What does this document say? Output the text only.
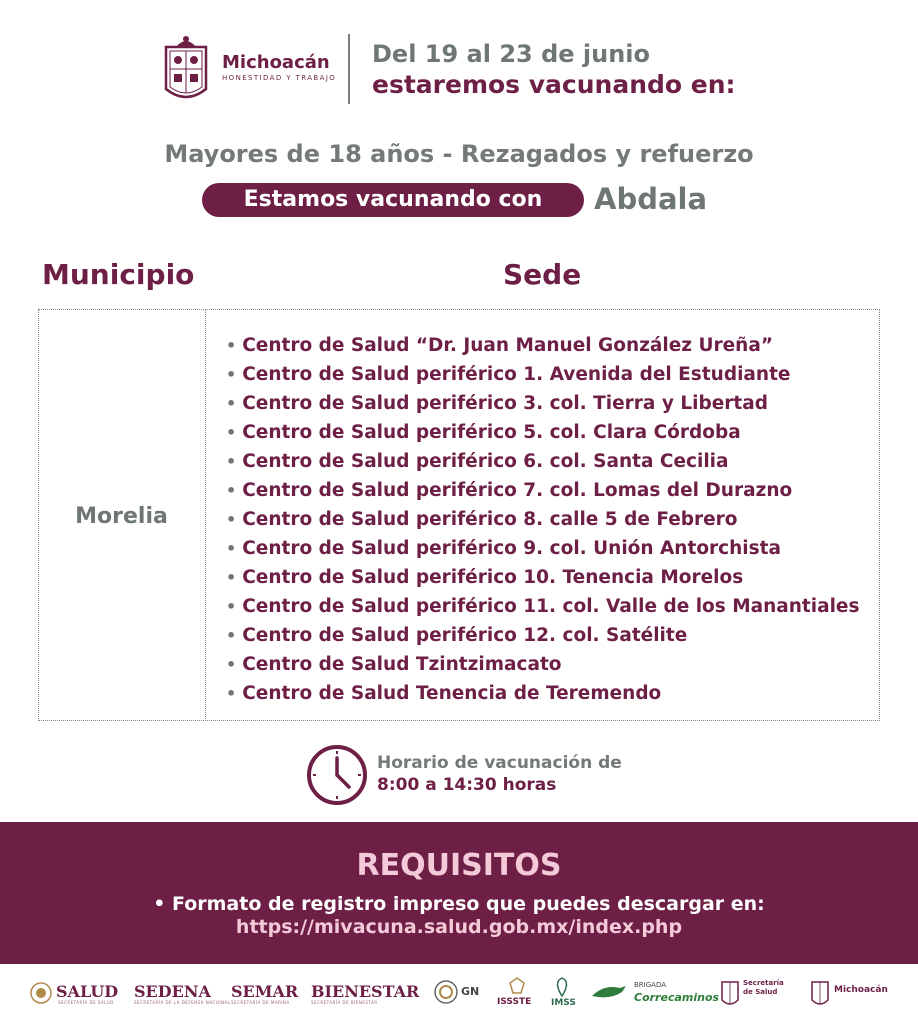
Michoacán
HONESTIDAD Y TRABAJO
Del 19 al 23 de junio
estaremos vacunando en:
Mayores de 18 años - Rezagados y refuerzo
Estamos vacunando con	Abdala
Municipio	Sede
Morelia
• Centro de Salud “Dr. Juan Manuel González Ureña”
• Centro de Salud periférico 1. Avenida del Estudiante
• Centro de Salud periférico 3. col. Tierra y Libertad
• Centro de Salud periférico 5. col. Clara Córdoba
• Centro de Salud periférico 6. col. Santa Cecilia
• Centro de Salud periférico 7. col. Lomas del Durazno
• Centro de Salud periférico 8. calle 5 de Febrero
• Centro de Salud periférico 9. col. Unión Antorchista
• Centro de Salud periférico 10. Tenencia Morelos
• Centro de Salud periférico 11. col. Valle de los Manantiales
• Centro de Salud periférico 12. col. Satélite
• Centro de Salud Tzintzimacato
• Centro de Salud Tenencia de Teremendo
Horario de vacunación de
8:00 a 14:30 horas
REQUISITOS
• Formato de registro impreso que puedes descargar en:
https://mivacuna.salud.gob.mx/index.php
SALUD
SECRETARÍA DE SALUD
SEDENA
SECRETARÍA DE LA DEFENSA NACIONAL
SEMAR
SECRETARÍA DE MARINA
BIENESTAR
SECRETARÍA DE BIENESTAR
GN
ISSSTE IMSS
BRIGADA
Correcaminos
Secretaría de Salud	Michoacán
